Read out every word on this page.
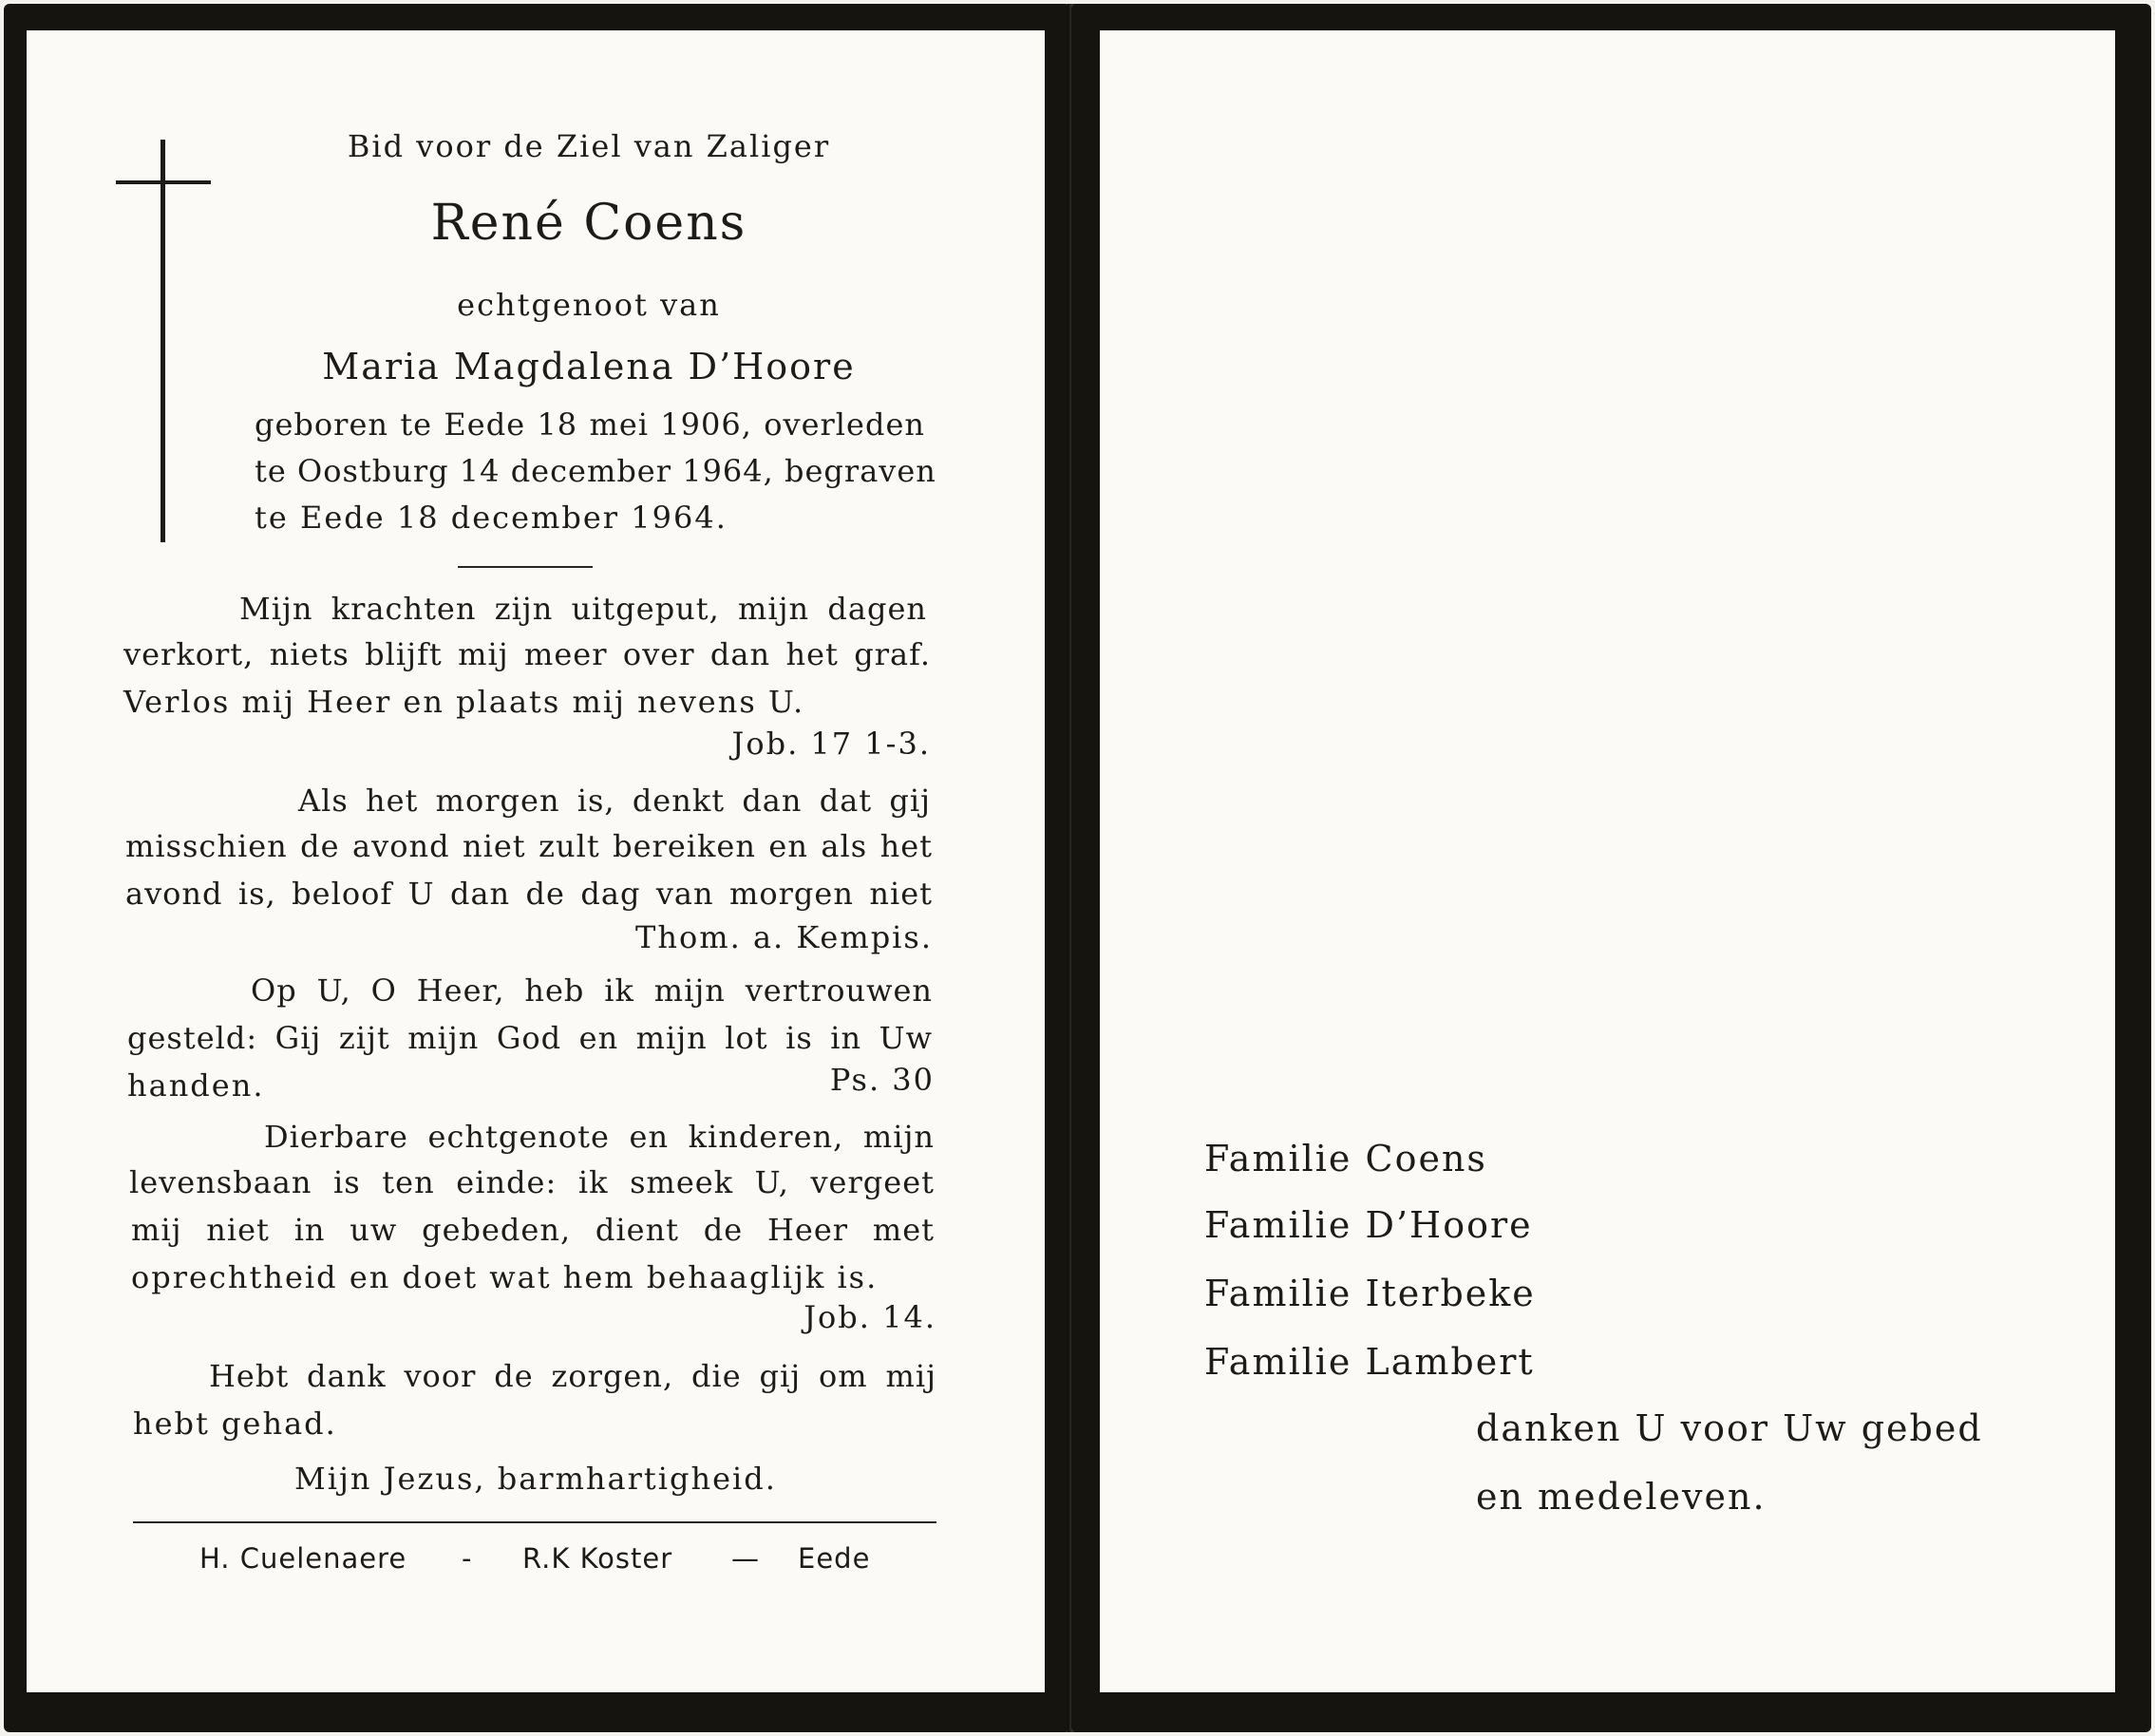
Bid voor de Ziel van Zaliger
René Coens
echtgenoot van
Maria Magdalena D’Hoore
geboren te Eede 18 mei 1906, overleden
te Oostburg 14 december 1964, begraven
te Eede 18 december 1964.
Mijn krachten zijn uitgeput, mijn dagen
verkort, niets blijft mij meer over dan het graf.
Verlos mij Heer en plaats mij nevens U.
Job. 17 1-3.
Als het morgen is, denkt dan dat gij
misschien de avond niet zult bereiken en als het
avond is, beloof U dan de dag van morgen niet
Thom. a. Kempis.
Op U, O Heer, heb ik mijn vertrouwen
gesteld: Gij zijt mijn God en mijn lot is in Uw
handen.	Ps. 30
Dierbare echtgenote en kinderen, mijn
levensbaan is ten einde: ik smeek U, vergeet
mij niet in uw gebeden, dient de Heer met
oprechtheid en doet wat hem behaaglijk is.
Job. 14.
Hebt dank voor de zorgen, die gij om mij
hebt gehad.
Mijn Jezus, barmhartigheid.
H. Cuelenaere - R.K Koster — Eede
Familie Coens
Familie D’Hoore
Familie Iterbeke
Familie Lambert
danken U voor Uw gebed
en medeleven.
